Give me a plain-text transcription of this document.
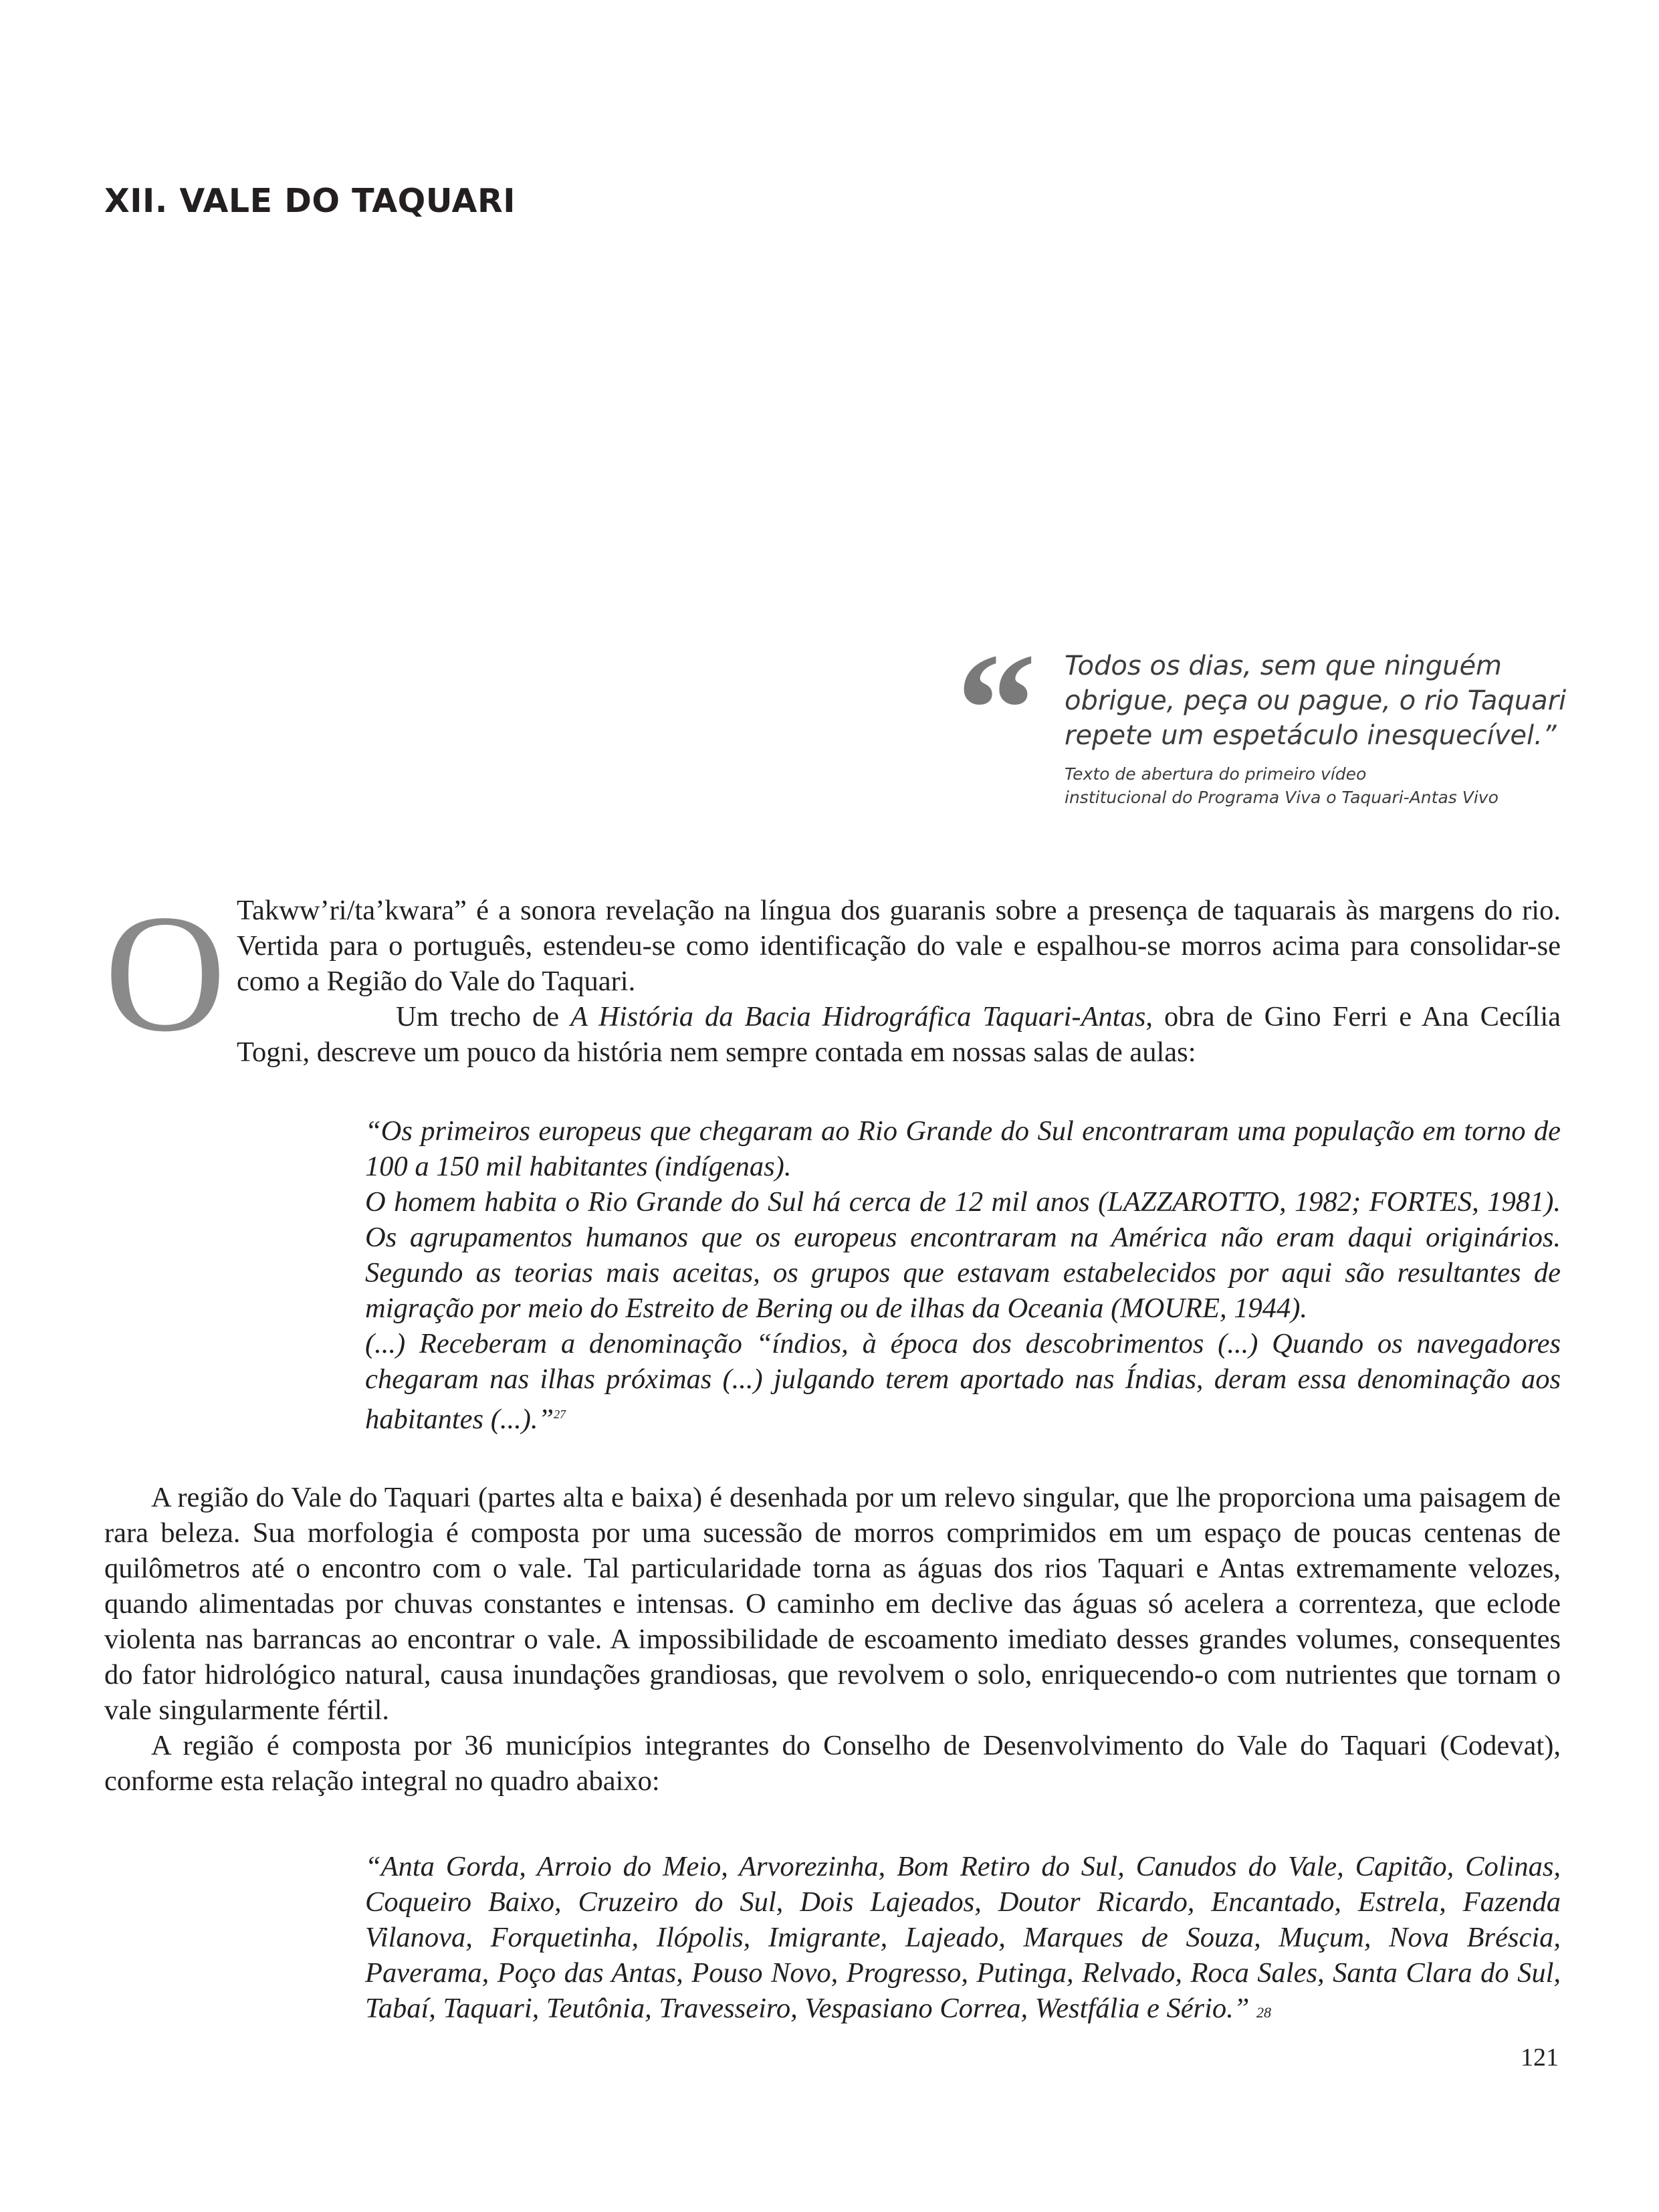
XII. VALE DO TAQUARI
“ Todos os dias, sem que ninguém obrigue, peça ou pague, o rio Taquari repete um espetáculo inesquecível.”

Texto de abertura do primeiro vídeo
institucional do Programa Viva o Taquari-Antas Vivo

O Takww’ri/ta’kwara” é a sonora revelação na língua dos guaranis sobre a presença de taquarais às margens do rio. Vertida para o português, estendeu-se como identificação do vale e espalhou-se morros acima para consolidar-se como a Região do Vale do Taquari.

Um trecho de A História da Bacia Hidrográfica Taquari-Antas, obra de Gino Ferri e Ana Cecília Togni, descreve um pouco da história nem sempre contada em nossas salas de aulas:

“Os primeiros europeus que chegaram ao Rio Grande do Sul encontraram uma população em torno de 100 a 150 mil habitantes (indígenas).

O homem habita o Rio Grande do Sul há cerca de 12 mil anos (LAZZAROTTO, 1982; FORTES, 1981). Os agrupamentos humanos que os europeus encontraram na América não eram daqui originários. Segundo as teorias mais aceitas, os grupos que estavam estabelecidos por aqui são resultantes de migração por meio do Estreito de Bering ou de ilhas da Oceania (MOURE, 1944).

(...) Receberam a denominação “índios, à época dos descobrimentos (...) Quando os navegadores chegaram nas ilhas próximas (...) julgando terem aportado nas Índias, deram essa denominação aos habitantes (...).”$^{27}$

A região do Vale do Taquari (partes alta e baixa) é desenhada por um relevo singular, que lhe proporciona uma paisagem de rara beleza. Sua morfologia é composta por uma sucessão de morros comprimidos em um espaço de poucas centenas de quilômetros até o encontro com o vale. Tal particularidade torna as águas dos rios Taquari e Antas extremamente velozes, quando alimentadas por chuvas constantes e intensas. O caminho em declive das águas só acelera a correnteza, que eclode violenta nas barrancas ao encontrar o vale. A impossibilidade de escoamento imediato desses grandes volumes, consequentes do fator hidrológico natural, causa inundações grandiosas, que revolvem o solo, enriquecendo-o com nutrientes que tornam o vale singularmente fértil.

A região é composta por 36 municípios integrantes do Conselho de Desenvolvimento do Vale do Taquari (Codevat), conforme esta relação integral no quadro abaixo:

“Anta Gorda, Arroio do Meio, Arvorezinha, Bom Retiro do Sul, Canudos do Vale, Capitão, Colinas, Coqueiro Baixo, Cruzeiro do Sul, Dois Lajeados, Doutor Ricardo, Encantado, Estrela, Fazenda Vilanova, Forquetinha, Ilópolis, Imigrante, Lajeado, Marques de Souza, Muçum, Nova Bréscia, Paverama, Poço das Antas, Pouso Novo, Progresso, Putinga, Relvado, Roca Sales, Santa Clara do Sul, Tabaí, Taquari, Teutônia, Travesseiro, Vespasiano Correa, Westfália e Sério.” 28

121
